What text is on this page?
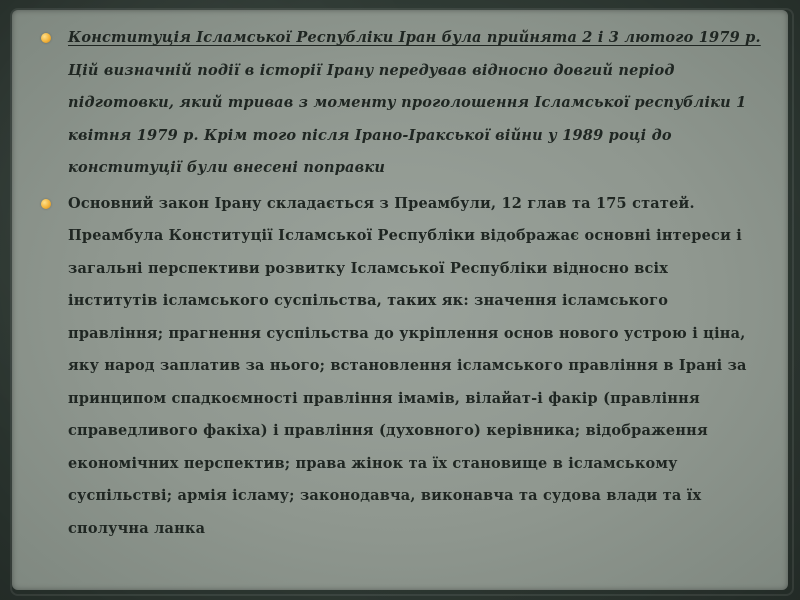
Конституція Ісламської Республіки Іран була прийнята 2 і 3 лютого 1979 р.
Цій визначній події в історії Ірану передував відносно довгий період
підготовки, який тривав з моменту проголошення Ісламської республіки 1
квітня 1979 р. Крім того після Ірано-Іракської війни у 1989 році до
конституції були внесені поправки
Основний закон Ірану складається з Преамбули, 12 глав та 175 статей.
Преамбула Конституції Ісламської Республіки відображає основні інтереси і
загальні перспективи розвитку Ісламської Республіки відносно всіх
інститутів ісламського суспільства, таких як: значення ісламського
правління; прагнення суспільства до укріплення основ нового устрою і ціна,
яку народ заплатив за нього; встановлення ісламського правління в Ірані за
принципом спадкоємності правління імамів, вілайат-і факір (правління
справедливого факіха) і правління (духовного) керівника; відображення
економічних перспектив; права жінок та їх становище в ісламському
суспільстві; армія ісламу; законодавча, виконавча та судова влади та їх
сполучна ланка
